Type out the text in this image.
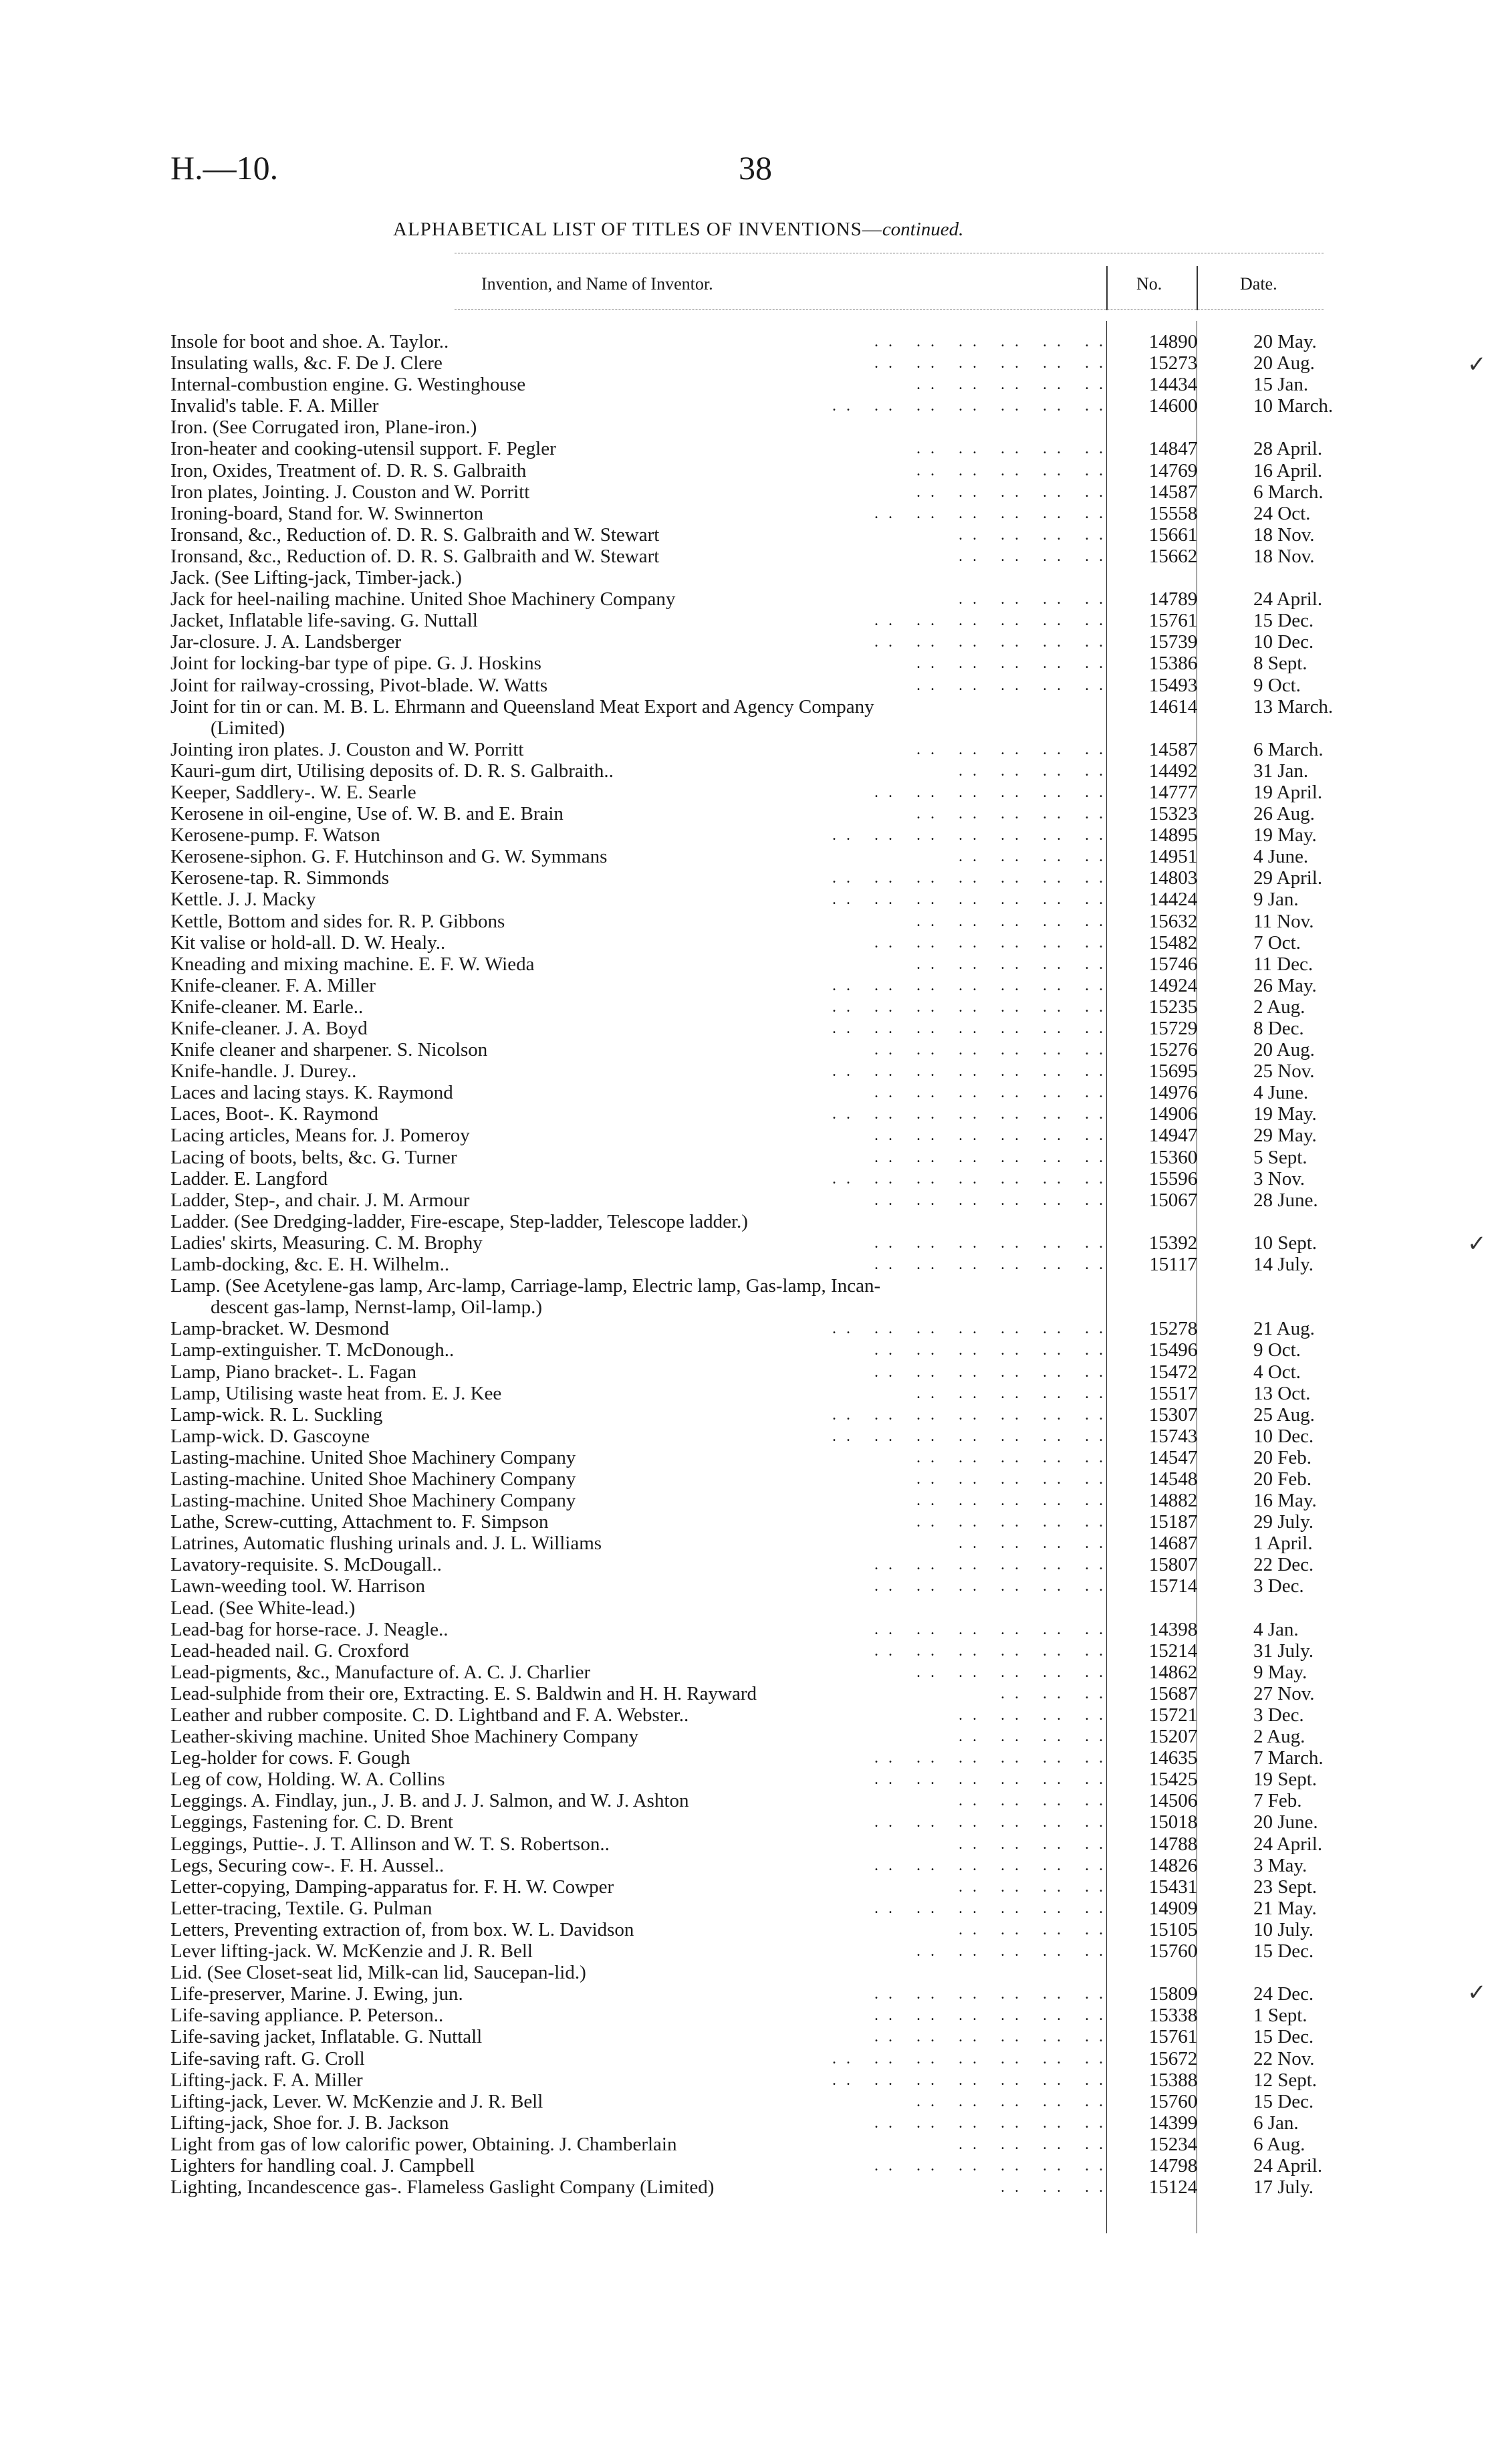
H.—10.	38
ALPHABETICAL LIST OF TITLES OF INVENTIONS—continued.
Invention, and Name of Inventor.	No.	Date.
Insole for boot and shoe. A. Taylor..	.. .. .. .. .. ..	14890	20 May.
Insulating walls, &c. F. De J. Clere	.. .. .. .. .. ..	15273	20 Aug.
Internal-combustion engine. G. Westinghouse	.. .. .. .. ..	14434	15 Jan.
Invalid's table. F. A. Miller	.. .. .. .. .. .. ..	14600	10 March.
Iron. (See Corrugated iron, Plane-iron.)
Iron-heater and cooking-utensil support. F. Pegler	.. .. .. .. ..	14847	28 April.
Iron, Oxides, Treatment of. D. R. S. Galbraith	.. .. .. .. ..	14769	16 April.
Iron plates, Jointing. J. Couston and W. Porritt	.. .. .. .. ..	14587	6 March.
Ironing-board, Stand for. W. Swinnerton	.. .. .. .. .. ..	15558	24 Oct.
Ironsand, &c., Reduction of. D. R. S. Galbraith and W. Stewart	.. .. .. ..	15661	18 Nov.
Ironsand, &c., Reduction of. D. R. S. Galbraith and W. Stewart	.. .. .. ..	15662	18 Nov.
Jack. (See Lifting-jack, Timber-jack.)
Jack for heel-nailing machine. United Shoe Machinery Company	.. .. .. ..	14789	24 April.
Jacket, Inflatable life-saving. G. Nuttall	.. .. .. .. .. ..	15761	15 Dec.
Jar-closure. J. A. Landsberger	.. .. .. .. .. ..	15739	10 Dec.
Joint for locking-bar type of pipe. G. J. Hoskins	.. .. .. .. ..	15386	8 Sept.
Joint for railway-crossing, Pivot-blade. W. Watts	.. .. .. .. ..	15493	9 Oct.
Joint for tin or can. M. B. L. Ehrmann and Queensland Meat Export and Agency Company	14614	13 March.
(Limited)
Jointing iron plates. J. Couston and W. Porritt	.. .. .. .. ..	14587	6 March.
Kauri-gum dirt, Utilising deposits of. D. R. S. Galbraith..	.. .. .. ..	14492	31 Jan.
Keeper, Saddlery-. W. E. Searle	.. .. .. .. .. ..	14777	19 April.
Kerosene in oil-engine, Use of. W. B. and E. Brain	.. .. .. .. ..	15323	26 Aug.
Kerosene-pump. F. Watson	.. .. .. .. .. .. ..	14895	19 May.
Kerosene-siphon. G. F. Hutchinson and G. W. Symmans	.. .. .. ..	14951	4 June.
Kerosene-tap. R. Simmonds	.. .. .. .. .. .. ..	14803	29 April.
Kettle. J. J. Macky	.. .. .. .. .. .. ..	14424	9 Jan.
Kettle, Bottom and sides for. R. P. Gibbons	.. .. .. .. ..	15632	11 Nov.
Kit valise or hold-all. D. W. Healy..	.. .. .. .. .. ..	15482	7 Oct.
Kneading and mixing machine. E. F. W. Wieda	.. .. .. .. ..	15746	11 Dec.
Knife-cleaner. F. A. Miller	.. .. .. .. .. .. ..	14924	26 May.
Knife-cleaner. M. Earle..	.. .. .. .. .. .. ..	15235	2 Aug.
Knife-cleaner. J. A. Boyd	.. .. .. .. .. .. ..	15729	8 Dec.
Knife cleaner and sharpener. S. Nicolson	.. .. .. .. .. ..	15276	20 Aug.
Knife-handle. J. Durey..	.. .. .. .. .. .. ..	15695	25 Nov.
Laces and lacing stays. K. Raymond	.. .. .. .. .. ..	14976	4 June.
Laces, Boot-. K. Raymond	.. .. .. .. .. .. ..	14906	19 May.
Lacing articles, Means for. J. Pomeroy	.. .. .. .. .. ..	14947	29 May.
Lacing of boots, belts, &c. G. Turner	.. .. .. .. .. ..	15360	5 Sept.
Ladder. E. Langford	.. .. .. .. .. .. ..	15596	3 Nov.
Ladder, Step-, and chair. J. M. Armour	.. .. .. .. .. ..	15067	28 June.
Ladder. (See Dredging-ladder, Fire-escape, Step-ladder, Telescope ladder.)
Ladies' skirts, Measuring. C. M. Brophy	.. .. .. .. .. ..	15392	10 Sept.
Lamb-docking, &c. E. H. Wilhelm..	.. .. .. .. .. ..	15117	14 July.
Lamp. (See Acetylene-gas lamp, Arc-lamp, Carriage-lamp, Electric lamp, Gas-lamp, Incan-
descent gas-lamp, Nernst-lamp, Oil-lamp.)
Lamp-bracket. W. Desmond	.. .. .. .. .. .. ..	15278	21 Aug.
Lamp-extinguisher. T. McDonough..	.. .. .. .. .. ..	15496	9 Oct.
Lamp, Piano bracket-. L. Fagan	.. .. .. .. .. ..	15472	4 Oct.
Lamp, Utilising waste heat from. E. J. Kee	.. .. .. .. ..	15517	13 Oct.
Lamp-wick. R. L. Suckling	.. .. .. .. .. .. ..	15307	25 Aug.
Lamp-wick. D. Gascoyne	.. .. .. .. .. .. ..	15743	10 Dec.
Lasting-machine. United Shoe Machinery Company	.. .. .. .. ..	14547	20 Feb.
Lasting-machine. United Shoe Machinery Company	.. .. .. .. ..	14548	20 Feb.
Lasting-machine. United Shoe Machinery Company	.. .. .. .. ..	14882	16 May.
Lathe, Screw-cutting, Attachment to. F. Simpson	.. .. .. .. ..	15187	29 July.
Latrines, Automatic flushing urinals and. J. L. Williams	.. .. .. ..	14687	1 April.
Lavatory-requisite. S. McDougall..	.. .. .. .. .. ..	15807	22 Dec.
Lawn-weeding tool. W. Harrison	.. .. .. .. .. ..	15714	3 Dec.
Lead. (See White-lead.)
Lead-bag for horse-race. J. Neagle..	.. .. .. .. .. ..	14398	4 Jan.
Lead-headed nail. G. Croxford	.. .. .. .. .. ..	15214	31 July.
Lead-pigments, &c., Manufacture of. A. C. J. Charlier	.. .. .. .. ..	14862	9 May.
Lead-sulphide from their ore, Extracting. E. S. Baldwin and H. H. Rayward	.. .. ..	15687	27 Nov.
Leather and rubber composite. C. D. Lightband and F. A. Webster..	.. .. .. ..	15721	3 Dec.
Leather-skiving machine. United Shoe Machinery Company	.. .. .. ..	15207	2 Aug.
Leg-holder for cows. F. Gough	.. .. .. .. .. ..	14635	7 March.
Leg of cow, Holding. W. A. Collins	.. .. .. .. .. ..	15425	19 Sept.
Leggings. A. Findlay, jun., J. B. and J. J. Salmon, and W. J. Ashton	.. .. .. ..	14506	7 Feb.
Leggings, Fastening for. C. D. Brent	.. .. .. .. .. ..	15018	20 June.
Leggings, Puttie-. J. T. Allinson and W. T. S. Robertson..	.. .. .. ..	14788	24 April.
Legs, Securing cow-. F. H. Aussel..	.. .. .. .. .. ..	14826	3 May.
Letter-copying, Damping-apparatus for. F. H. W. Cowper	.. .. .. ..	15431	23 Sept.
Letter-tracing, Textile. G. Pulman	.. .. .. .. .. ..	14909	21 May.
Letters, Preventing extraction of, from box. W. L. Davidson	.. .. .. ..	15105	10 July.
Lever lifting-jack. W. McKenzie and J. R. Bell	.. .. .. .. ..	15760	15 Dec.
Lid. (See Closet-seat lid, Milk-can lid, Saucepan-lid.)
Life-preserver, Marine. J. Ewing, jun.	.. .. .. .. .. ..	15809	24 Dec.
Life-saving appliance. P. Peterson..	.. .. .. .. .. ..	15338	1 Sept.
Life-saving jacket, Inflatable. G. Nuttall	.. .. .. .. .. ..	15761	15 Dec.
Life-saving raft. G. Croll	.. .. .. .. .. .. ..	15672	22 Nov.
Lifting-jack. F. A. Miller	.. .. .. .. .. .. ..	15388	12 Sept.
Lifting-jack, Lever. W. McKenzie and J. R. Bell	.. .. .. .. ..	15760	15 Dec.
Lifting-jack, Shoe for. J. B. Jackson	.. .. .. .. .. ..	14399	6 Jan.
Light from gas of low calorific power, Obtaining. J. Chamberlain	.. .. .. ..	15234	6 Aug.
Lighters for handling coal. J. Campbell	.. .. .. .. .. ..	14798	24 April.
Lighting, Incandescence gas-. Flameless Gaslight Company (Limited)	.. .. ..	15124	17 July.
✓
✓
✓
